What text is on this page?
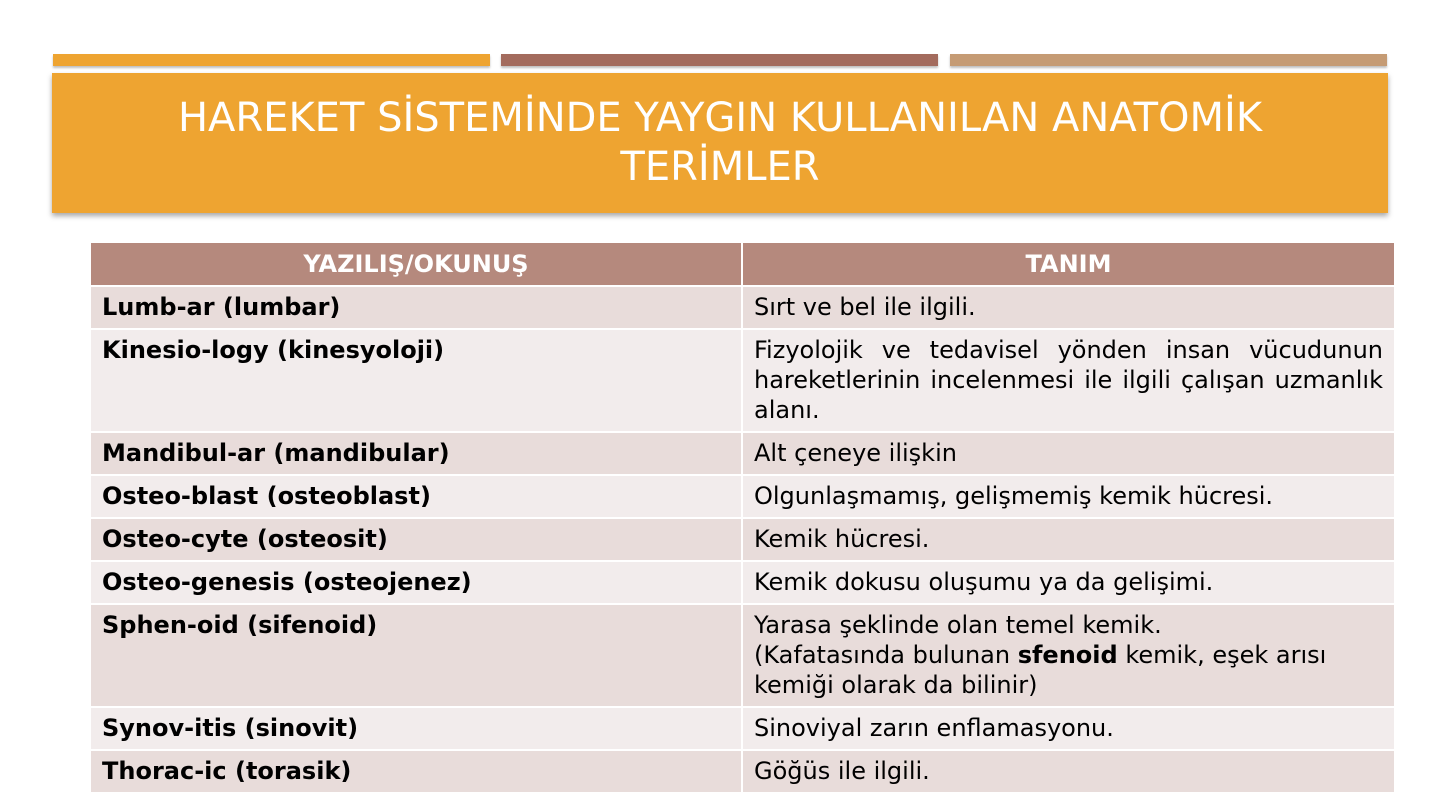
HAREKET SİSTEMİNDE YAYGIN KULLANILAN ANATOMİK
TERİMLER
YAZILIŞ/OKUNUŞ	TANIM
Lumb-ar (lumbar)	Sırt ve bel ile ilgili.
Kinesio-logy (kinesyoloji)	Fizyolojik ve tedavisel yönden insan vücudunun hareketlerinin incelenmesi ile ilgili çalışan uzmanlık alanı.
Mandibul-ar (mandibular)	Alt çeneye ilişkin
Osteo-blast (osteoblast)	Olgunlaşmamış, gelişmemiş kemik hücresi.
Osteo-cyte (osteosit)	Kemik hücresi.
Osteo-genesis (osteojenez)	Kemik dokusu oluşumu ya da gelişimi.
Sphen-oid (sifenoid)	Yarasa şeklinde olan temel kemik.
(Kafatasında bulunan sfenoid kemik, eşek arısı kemiği olarak da bilinir)
Synov-itis (sinovit)	Sinoviyal zarın enflamasyonu.
Thorac-ic (torasik)	Göğüs ile ilgili.
